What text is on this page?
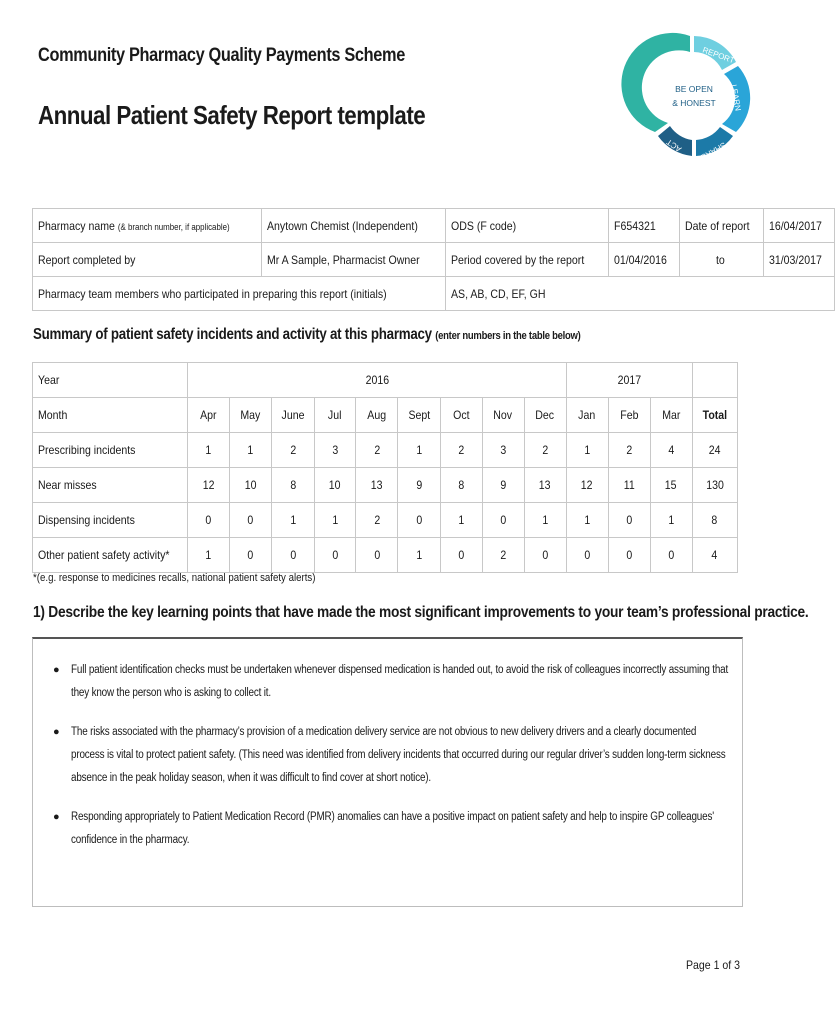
Community Pharmacy Quality Payments Scheme
Annual Patient Safety Report template
REPORT
LEARN
SHARE
ACT
REVIEW BE OPEN
& HONEST
Pharmacy name (& branch number, if applicable)	Anytown Chemist (Independent)	ODS (F code)	F654321	Date of report	16/04/2017
Report completed by	Mr A Sample, Pharmacist Owner	Period covered by the report	01/04/2016	to	31/03/2017
Pharmacy team members who participated in preparing this report (initials)		AS, AB, CD, EF, GH			
Summary of patient safety incidents and activity at this pharmacy (enter numbers in the table below)
Year	2016									2017			
Month	Apr	May	June	Jul	Aug	Sept	Oct	Nov	Dec	Jan	Feb	Mar	Total
Prescribing incidents	1	1	2	3	2	1	2	3	2	1	2	4	24
Near misses	12	10	8	10	13	9	8	9	13	12	11	15	130
Dispensing incidents	0	0	1	1	2	0	1	0	1	1	0	1	8
Other patient safety activity*	1	0	0	0	0	1	0	2	0	0	0	0	4
*(e.g. response to medicines recalls, national patient safety alerts)
1) Describe the key learning points that have made the most significant improvements to your team’s professional practice.
● Full patient identification checks must be undertaken whenever dispensed medication is handed out, to avoid the risk of colleagues incorrectly assuming that they know the person who is asking to collect it.
● The risks associated with the pharmacy’s provision of a medication delivery service are not obvious to new delivery drivers and a clearly documented process is vital to protect patient safety. (This need was identified from delivery incidents that occurred during our regular driver’s sudden long-term sickness absence in the peak holiday season, when it was difficult to find cover at short notice).
● Responding appropriately to Patient Medication Record (PMR) anomalies can have a positive impact on patient safety and help to inspire GP colleagues' confidence in the pharmacy.
Page 1 of 3
